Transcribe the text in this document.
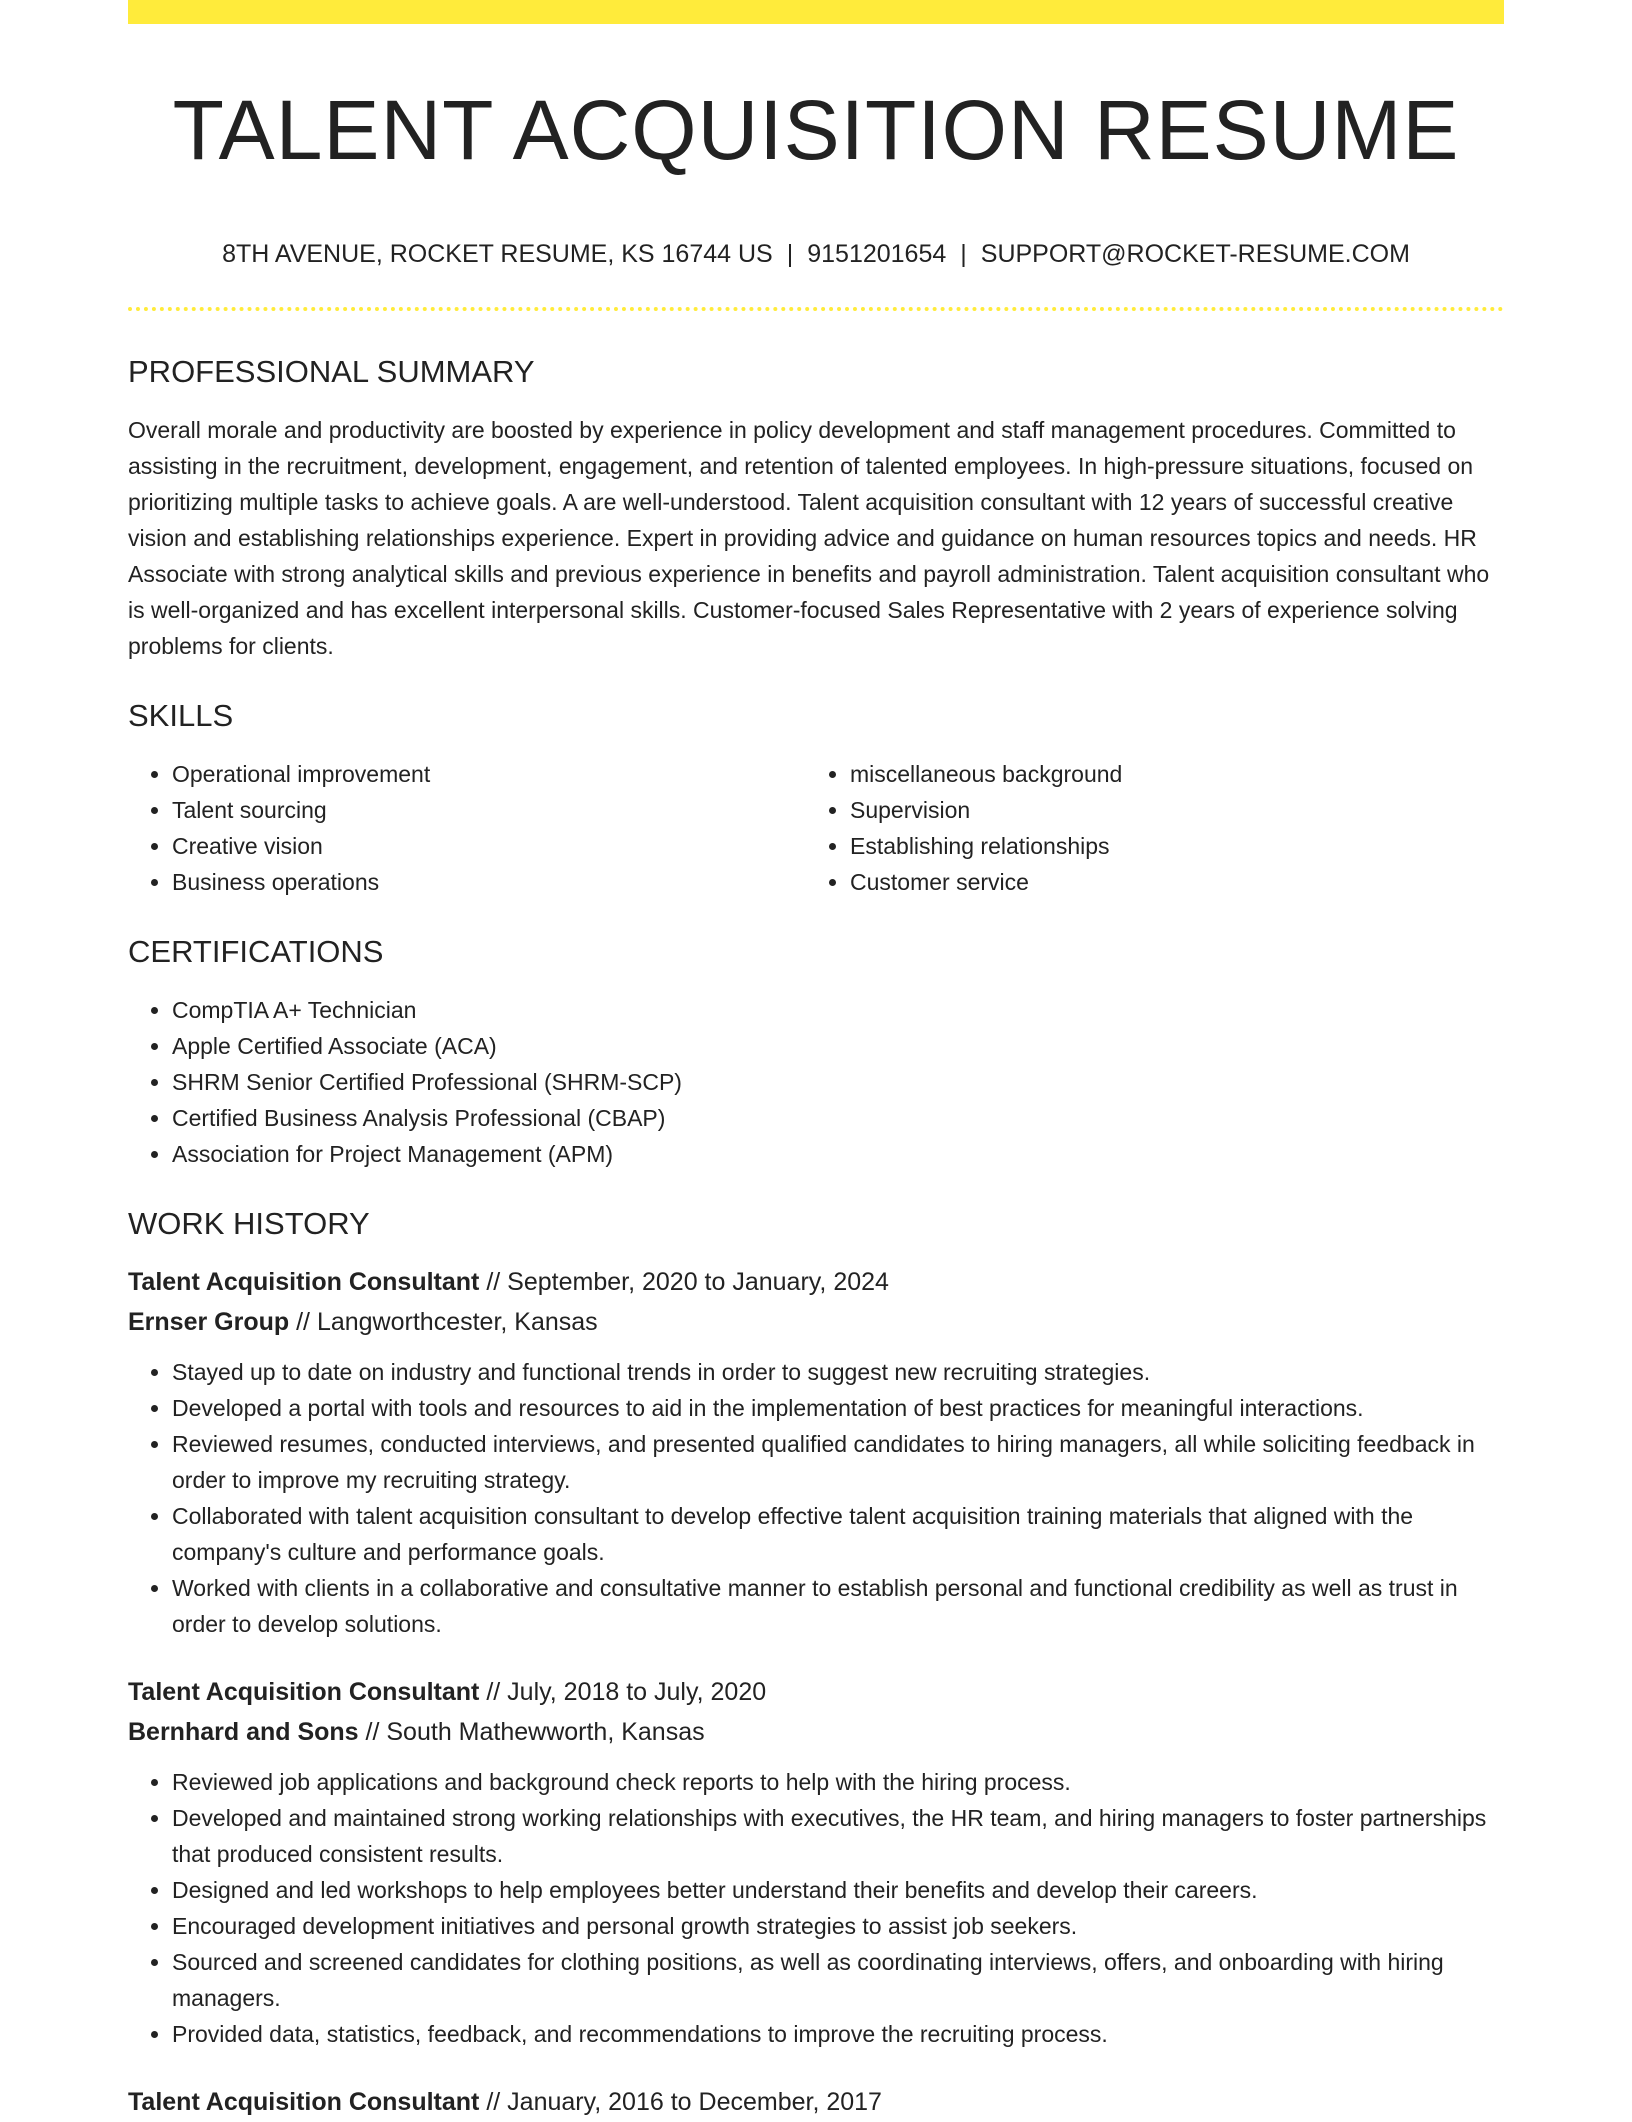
TALENT ACQUISITION RESUME
8TH AVENUE, ROCKET RESUME, KS 16744 US | 9151201654 | SUPPORT@ROCKET-RESUME.COM
PROFESSIONAL SUMMARY

Overall morale and productivity are boosted by experience in policy development and staff management procedures. Committed to assisting in the recruitment, development, engagement, and retention of talented employees. In high-pressure situations, focused on prioritizing multiple tasks to achieve goals. A are well-understood. Talent acquisition consultant with 12 years of successful creative vision and establishing relationships experience. Expert in providing advice and guidance on human resources topics and needs. HR Associate with strong analytical skills and previous experience in benefits and payroll administration. Talent acquisition consultant who is well-organized and has excellent interpersonal skills. Customer-focused Sales Representative with 2 years of experience solving problems for clients.

SKILLS
• Operational improvement
• Talent sourcing
• Creative vision
• Business operations
• miscellaneous background
• Supervision
• Establishing relationships
• Customer service
CERTIFICATIONS
• CompTIA A+ Technician
• Apple Certified Associate (ACA)
• SHRM Senior Certified Professional (SHRM-SCP)
• Certified Business Analysis Professional (CBAP)
• Association for Project Management (APM)
WORK HISTORY
Talent Acquisition Consultant // September, 2020 to January, 2024
Ernser Group // Langworthcester, Kansas
• Stayed up to date on industry and functional trends in order to suggest new recruiting strategies.
• Developed a portal with tools and resources to aid in the implementation of best practices for meaningful interactions.
• Reviewed resumes, conducted interviews, and presented qualified candidates to hiring managers, all while soliciting feedback in order to improve my recruiting strategy.
• Collaborated with talent acquisition consultant to develop effective talent acquisition training materials that aligned with the company's culture and performance goals.
• Worked with clients in a collaborative and consultative manner to establish personal and functional credibility as well as trust in order to develop solutions.
Talent Acquisition Consultant // July, 2018 to July, 2020
Bernhard and Sons // South Mathewworth, Kansas
• Reviewed job applications and background check reports to help with the hiring process.
• Developed and maintained strong working relationships with executives, the HR team, and hiring managers to foster partnerships that produced consistent results.
• Designed and led workshops to help employees better understand their benefits and develop their careers.
• Encouraged development initiatives and personal growth strategies to assist job seekers.
• Sourced and screened candidates for clothing positions, as well as coordinating interviews, offers, and onboarding with hiring managers.
• Provided data, statistics, feedback, and recommendations to improve the recruiting process.
Talent Acquisition Consultant // January, 2016 to December, 2017
